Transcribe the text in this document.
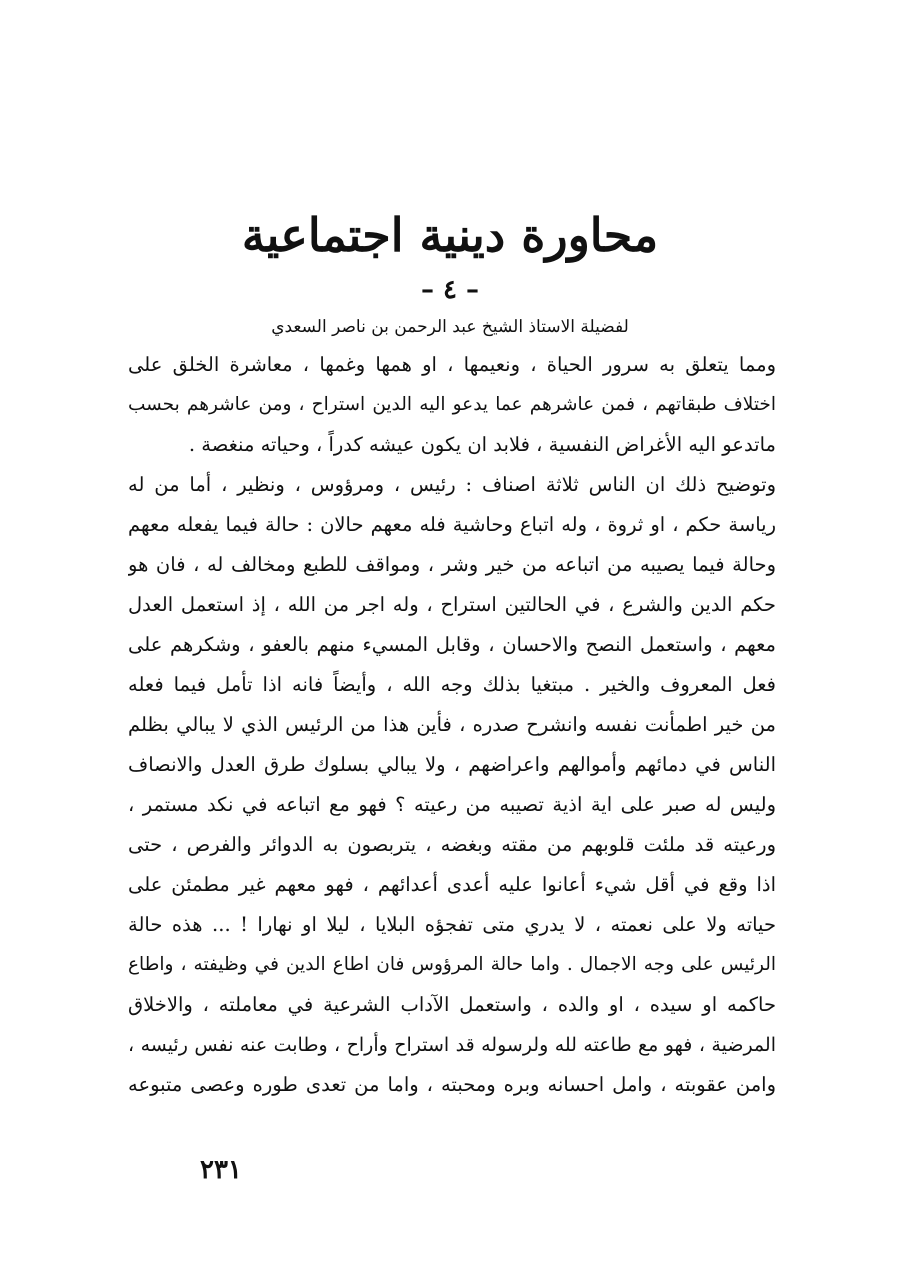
محاورة دينية اجتماعية
– ٤ –
لفضيلة الاستاذ الشيخ عبد الرحمن بن ناصر السعدي
ومما يتعلق به سرور الحياة ، ونعيمها ، او همها وغمها ، معاشرة الخلق على
اختلاف طبقاتهم ، فمن عاشرهم عما يدعو اليه الدين استراح ، ومن عاشرهم بحسب
ماتدعو اليه الأغراض النفسية ، فلابد ان يكون عيشه كدراً ، وحياته منغصة .
وتوضيح ذلك ان الناس ثلاثة اصناف : رئيس ، ومرؤوس ، ونظير ، أما من له
رياسة حكم ، او ثروة ، وله اتباع وحاشية فله معهم حالان : حالة فيما يفعله معهم
وحالة فيما يصيبه من اتباعه من خير وشر ، ومواقف للطبع ومخالف له ، فان هو
حكم الدين والشرع ، في الحالتين استراح ، وله اجر من الله ، إذ استعمل العدل
معهم ، واستعمل النصح والاحسان ، وقابل المسيء منهم بالعفو ، وشكرهم على
فعل المعروف والخير . مبتغيا بذلك وجه الله ، وأيضاً فانه اذا تأمل فيما فعله
من خير اطمأنت نفسه وانشرح صدره ، فأين هذا من الرئيس الذي لا يبالي بظلم
الناس في دمائهم وأموالهم واعراضهم ، ولا يبالي بسلوك طرق العدل والانصاف
وليس له صبر على اية اذية تصيبه من رعيته ؟ فهو مع اتباعه في نكد مستمر ،
ورعيته قد ملئت قلوبهم من مقته وبغضه ، يتربصون به الدوائر والفرص ، حتى
اذا وقع في أقل شيء أعانوا عليه أعدى أعدائهم ، فهو معهم غير مطمئن على
حياته ولا على نعمته ، لا يدري متى تفجؤه البلايا ، ليلا او نهارا ! ... هذه حالة
الرئيس على وجه الاجمال . واما حالة المرؤوس فان اطاع الدين في وظيفته ، واطاع
حاكمه او سيده ، او والده ، واستعمل الآداب الشرعية في معاملته ، والاخلاق
المرضية ، فهو مع طاعته لله ولرسوله قد استراح وأراح ، وطابت عنه نفس رئيسه ،
وامن عقوبته ، وامل احسانه وبره ومحبته ، واما من تعدى طوره وعصى متبوعه
٢٣١
